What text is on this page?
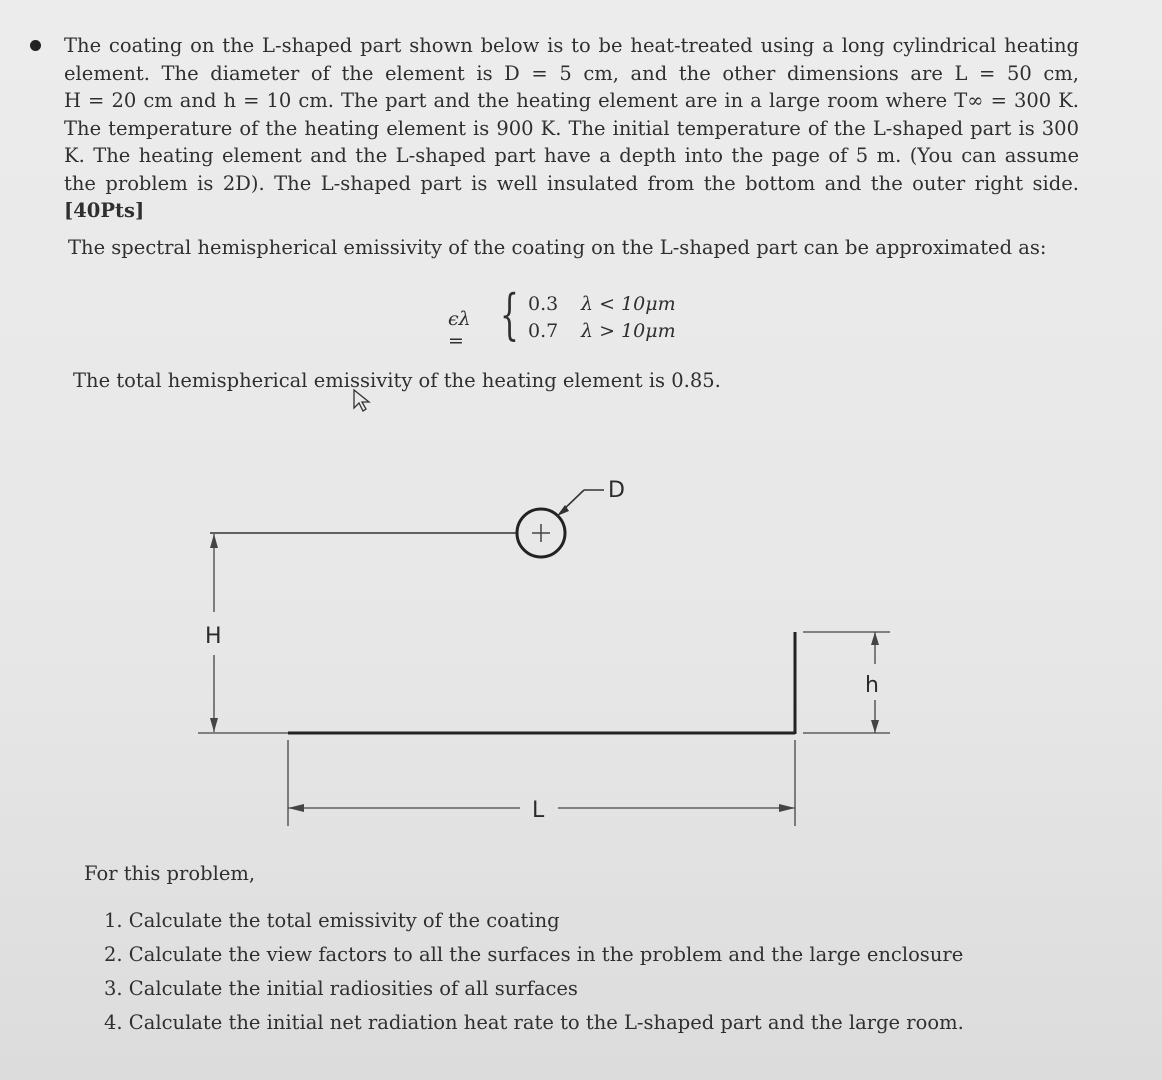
The coating on the L-shaped part shown below is to be heat-treated using a long cylindrical heating
element. The diameter of the element is D = 5 cm, and the other dimensions are L = 50 cm,
H = 20 cm and h = 10 cm. The part and the heating element are in a large room where T∞ = 300 K.
The temperature of the heating element is 900 K. The initial temperature of the L-shaped part is 300
K. The heating element and the L-shaped part have a depth into the page of 5 m. (You can assume
the problem is 2D). The L-shaped part is well insulated from the bottom and the outer right side.
[40Pts]
The spectral hemispherical emissivity of the coating on the L-shaped part can be approximated as:
ϵλ = { 0.3 λ < 10μm
0.7 λ > 10μm
The total hemispherical emissivity of the heating element is 0.85.
D
H
h
L
For this problem,
1. Calculate the total emissivity of the coating
2. Calculate the view factors to all the surfaces in the problem and the large enclosure
3. Calculate the initial radiosities of all surfaces
4. Calculate the initial net radiation heat rate to the L-shaped part and the large room.
